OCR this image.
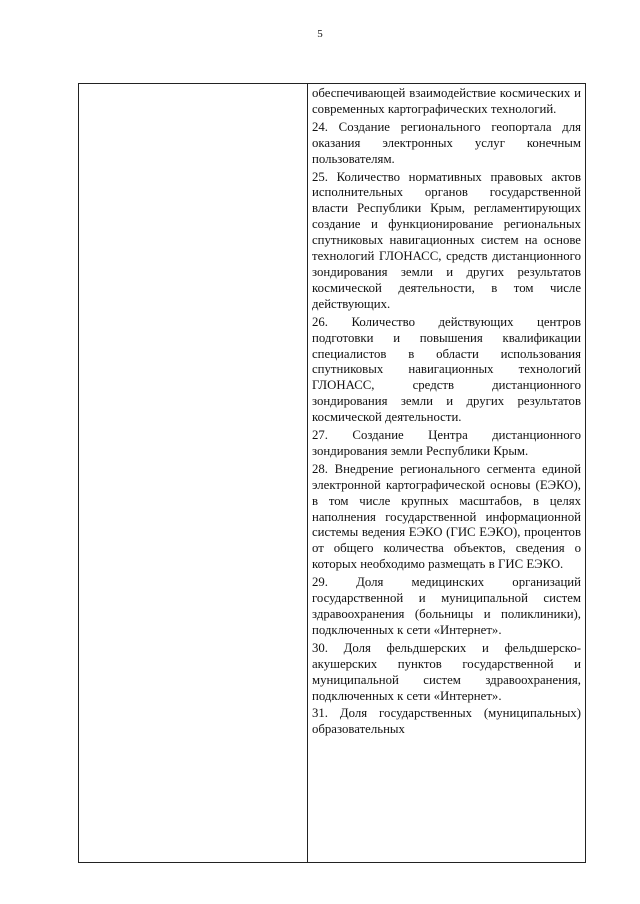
5

обеспечивающей взаимодействие космических и современных картографических технологий.

24. Создание регионального геопортала для оказания электронных услуг конечным пользователям.

25. Количество нормативных правовых актов исполнительных органов государственной власти Республики Крым, регламентирующих создание и функционирование региональных спутниковых навигационных систем на основе технологий ГЛОНАСС, средств дистанционного зондирования земли и других результатов космической деятельности, в том числе действующих.

26. Количество действующих центров подготовки и повышения квалификации специалистов в области использования спутниковых навигационных технологий ГЛОНАСС, средств дистанционного зондирования земли и других результатов космической деятельности.

27. Создание Центра дистанционного зондирования земли Республики Крым.

28. Внедрение регионального сегмента единой электронной картографической основы (ЕЭКО), в том числе крупных масштабов, в целях наполнения государственной информационной системы ведения ЕЭКО (ГИС ЕЭКО), процентов от общего количества объектов, сведения о которых необходимо размещать в ГИС ЕЭКО.

29. Доля медицинских организаций государственной и муниципальной систем здравоохранения (больницы и поликлиники), подключенных к сети «Интернет».

30. Доля фельдшерских и фельдшерско-акушерских пунктов государственной и муниципальной систем здравоохранения, подключенных к сети «Интернет».

31. Доля государственных (муниципальных) образовательных
